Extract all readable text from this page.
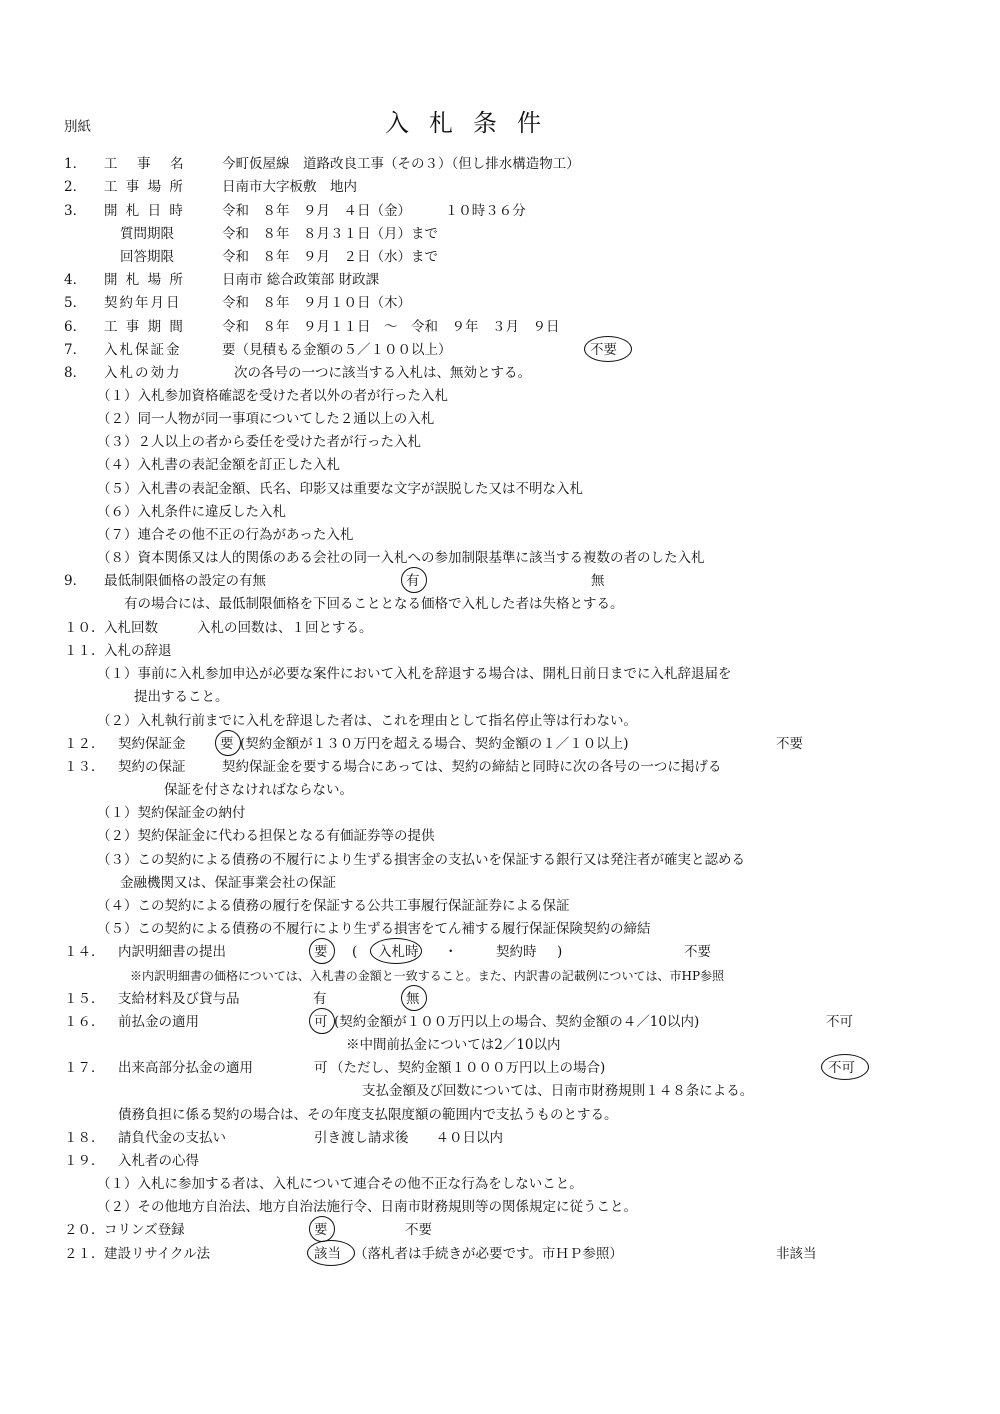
別紙	入札条件
1． 工　事　名	今町仮屋線　道路改良工事（その３）（但し排水構造物工）
2． 工 事 場 所	日南市大字板敷　地内
3． 開 札 日 時	令和　８年　９月　４日（金）　　　１０時３６分
質問期限	令和　８年　８月３１日（月）まで
回答期限	令和　８年　９月　２日（水）まで
4． 開 札 場 所	日南市 総合政策部 財政課
5． 契約年月日	令和　８年　９月１０日（木）
6． 工 事 期 間	令和　８年　９月１１日　～　令和　９年　３月　９日
7． 入札保証金	要（見積もる金額の５／１００以上）	不要
8． 入札の効力	次の各号の一つに該当する入札は、無効とする。
（１）入札参加資格確認を受けた者以外の者が行った入札
（２）同一人物が同一事項についてした２通以上の入札
（３）２人以上の者から委任を受けた者が行った入札
（４）入札書の表記金額を訂正した入札
（５）入札書の表記金額、氏名、印影又は重要な文字が誤脱した又は不明な入札
（６）入札条件に違反した入札
（７）連合その他不正の行為があった入札
（８）資本関係又は人的関係のある会社の同一入札への参加制限基準に該当する複数の者のした入札
9． 最低制限価格の設定の有無	有	無
有の場合には、最低制限価格を下回ることとなる価格で入札した者は失格とする。
１０. 入札回数	入札の回数は、１回とする。
１１. 入札の辞退
（１）事前に入札参加申込が必要な案件において入札を辞退する場合は、開札日前日までに入札辞退届を
提出すること。
（２）入札執行前までに入札を辞退した者は、これを理由として指名停止等は行わない。
１２． 契約保証金	要 (契約金額が１３０万円を超える場合、契約金額の１／１０以上)	不要
１３． 契約の保証	契約保証金を要する場合にあっては、契約の締結と同時に次の各号の一つに掲げる
保証を付さなければならない。
（１）契約保証金の納付
（２）契約保証金に代わる担保となる有価証券等の提供
（３）この契約による債務の不履行により生ずる損害金の支払いを保証する銀行又は発注者が確実と認める
金融機関又は、保証事業会社の保証
（４）この契約による債務の履行を保証する公共工事履行保証証券による保証
（５）この契約による債務の不履行により生ずる損害をてん補する履行保証保険契約の締結
１４． 内訳明細書の提出	要 ( 入札時 ・	契約時 )	不要
※内訳明細書の価格については、入札書の金額と一致すること。また、内訳書の記載例については、市HP参照
１５． 支給材料及び貸与品	有	無
１６． 前払金の適用	可 (契約金額が１００万円以上の場合、契約金額の４／10以内)	不可
※中間前払金については2／10以内
１７． 出来高部分払金の適用	可 （ただし、契約金額１０００万円以上の場合)	不可
支払金額及び回数については、日南市財務規則１４８条による。
債務負担に係る契約の場合は、その年度支払限度額の範囲内で支払うものとする。
１８． 請負代金の支払い	引き渡し請求後　　４０日以内
１９． 入札者の心得
（１）入札に参加する者は、入札について連合その他不正な行為をしないこと。
（２）その他地方自治法、地方自治法施行令、日南市財務規則等の関係規定に従うこと。
２０． コリンズ登録	要	不要
２１． 建設リサイクル法	該当 （落札者は手続きが必要です。市ＨＰ参照）	非該当
